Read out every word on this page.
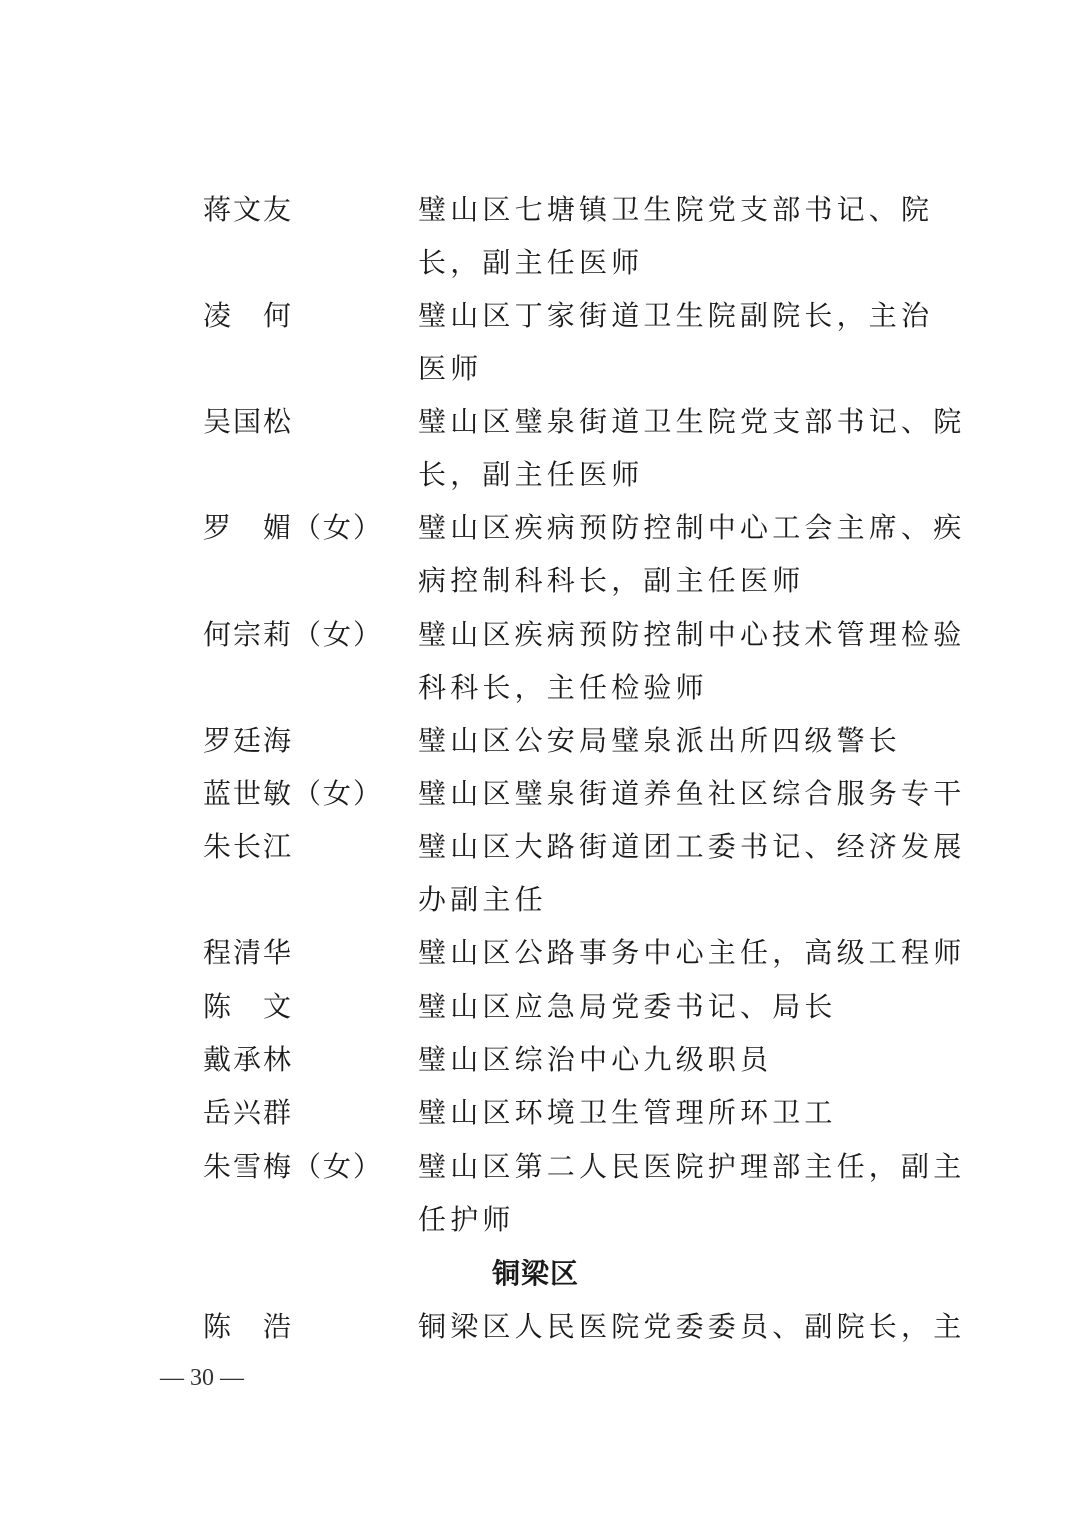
蒋文友	璧山区七塘镇卫生院党支部书记、院
长，副主任医师
凌　何	璧山区丁家街道卫生院副院长，主治
医师
吴国松	璧山区璧泉街道卫生院党支部书记、院
长，副主任医师
罗　媚（女）	璧山区疾病预防控制中心工会主席、疾
病控制科科长，副主任医师
何宗莉（女）	璧山区疾病预防控制中心技术管理检验
科科长，主任检验师
罗廷海	璧山区公安局璧泉派出所四级警长
蓝世敏（女）	璧山区璧泉街道养鱼社区综合服务专干
朱长江	璧山区大路街道团工委书记、经济发展
办副主任
程清华	璧山区公路事务中心主任，高级工程师
陈　文	璧山区应急局党委书记、局长
戴承林	璧山区综治中心九级职员
岳兴群	璧山区环境卫生管理所环卫工
朱雪梅（女）	璧山区第二人民医院护理部主任，副主
任护师
铜梁区
陈　浩	铜梁区人民医院党委委员、副院长，主
— 30 —
